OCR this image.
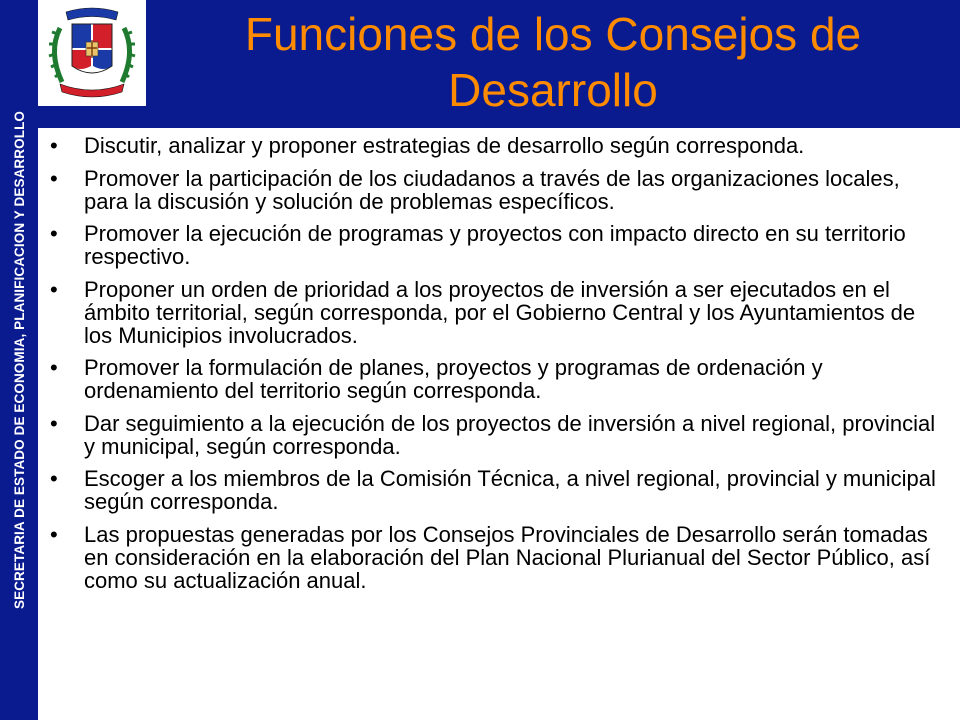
SECRETARIA DE ESTADO DE ECONOMIA, PLANIFICACION Y DESARROLLO
Funciones de los Consejos de Desarrollo
• Discutir, analizar y proponer estrategias de desarrollo según corresponda.
• Promover la participación de los ciudadanos a través de las organizaciones locales, para la discusión y solución de problemas específicos.
• Promover la ejecución de programas y proyectos con impacto directo en su territorio respectivo.
• Proponer un orden de prioridad a los proyectos de inversión a ser ejecutados en el ámbito territorial, según corresponda, por el Gobierno Central y los Ayuntamientos de los Municipios involucrados.
• Promover la formulación de planes, proyectos y programas de ordenación y ordenamiento del territorio según corresponda.
• Dar seguimiento a la ejecución de los proyectos de inversión a nivel regional, provincial y municipal, según corresponda.
• Escoger a los miembros de la Comisión Técnica, a nivel regional, provincial y municipal según corresponda.
• Las propuestas generadas por los Consejos Provinciales de Desarrollo serán tomadas en consideración en la elaboración del Plan Nacional Plurianual del Sector Público, así como su actualización anual.
